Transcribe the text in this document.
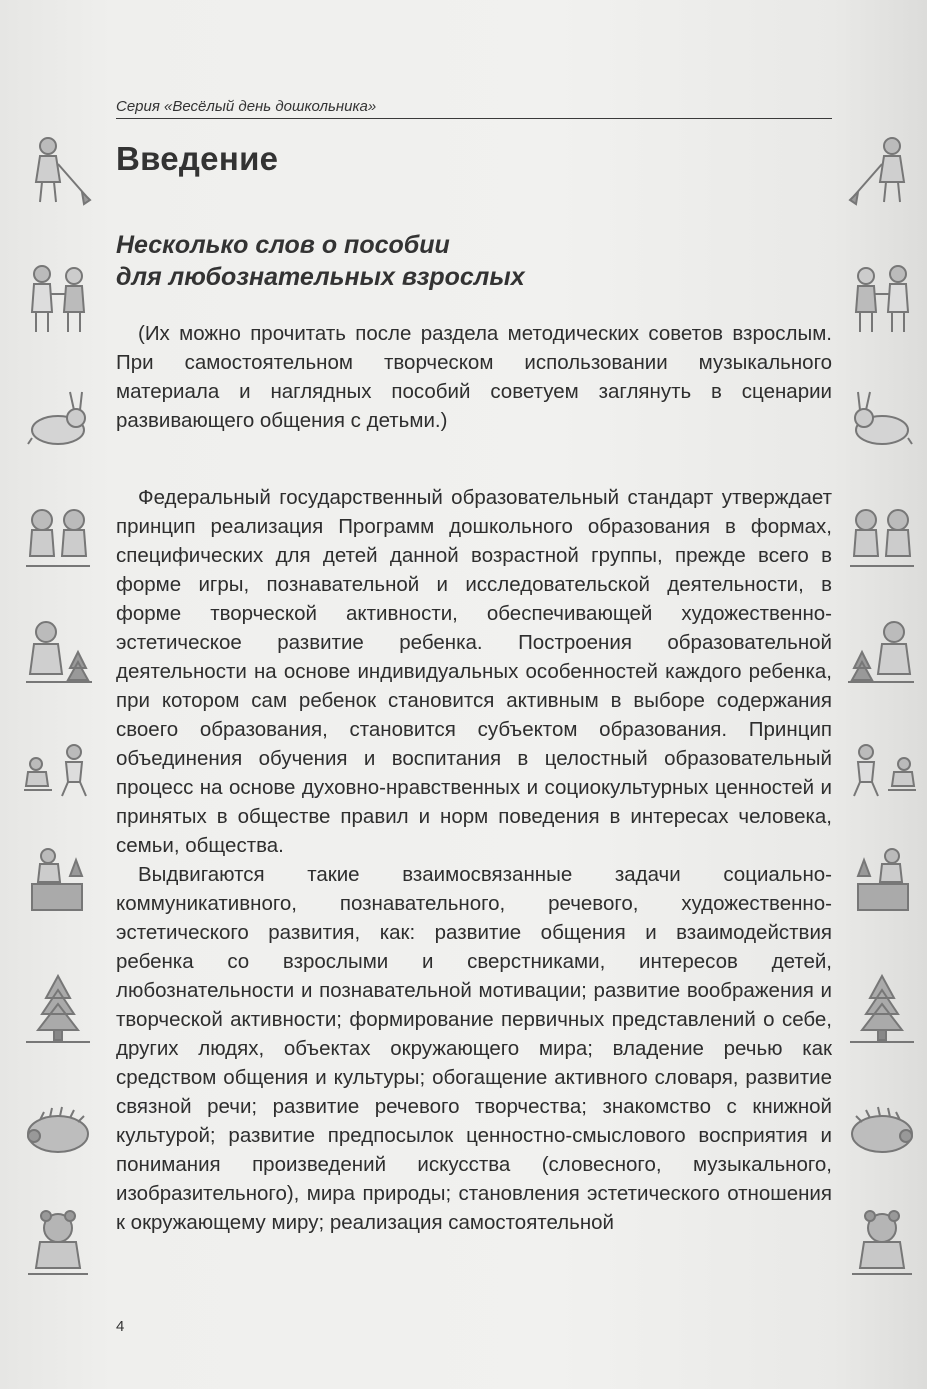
Серия «Весёлый день дошкольника»
Введение
Несколько слов о пособии
для любознательных взрослых
(Их можно прочитать после раздела методических советов взрослым. При самостоятельном творческом использовании музыкального материала и наглядных пособий советуем заглянуть в сценарии развивающего общения с детьми.)

Федеральный государственный образовательный стандарт утверждает принцип реализация Программ дошкольного образования в формах, специфических для детей данной возрастной группы, прежде всего в форме игры, познавательной и исследовательской деятельности, в форме творческой активности, обеспечивающей художественно-эстетическое развитие ребенка. Построения образовательной деятельности на основе индивидуальных особенностей каждого ребенка, при котором сам ребенок становится активным в выборе содержания своего образования, становится субъектом образования. Принцип объединения обучения и воспитания в целостный образовательный процесс на основе духовно-нравственных и социокультурных ценностей и принятых в обществе правил и норм поведения в интересах человека, семьи, общества.

Выдвигаются такие взаимосвязанные задачи социально-коммуникативного, познавательного, речевого, художественно-эстетического развития, как: развитие общения и взаимодействия ребенка со взрослыми и сверстниками, интересов детей, любознательности и познавательной мотивации; развитие воображения и творческой активности; формирование первичных представлений о себе, других людях, объектах окружающего мира; владение речью как средством общения и культуры; обогащение активного словаря, развитие связной речи; развитие речевого творчества; знакомство с книжной культурой; развитие предпосылок ценностно-смыслового восприятия и понимания произведений искусства (словесного, музыкального, изобразительного), мира природы; становления эстетического отношения к окружающему миру; реализация самостоятельной

4
